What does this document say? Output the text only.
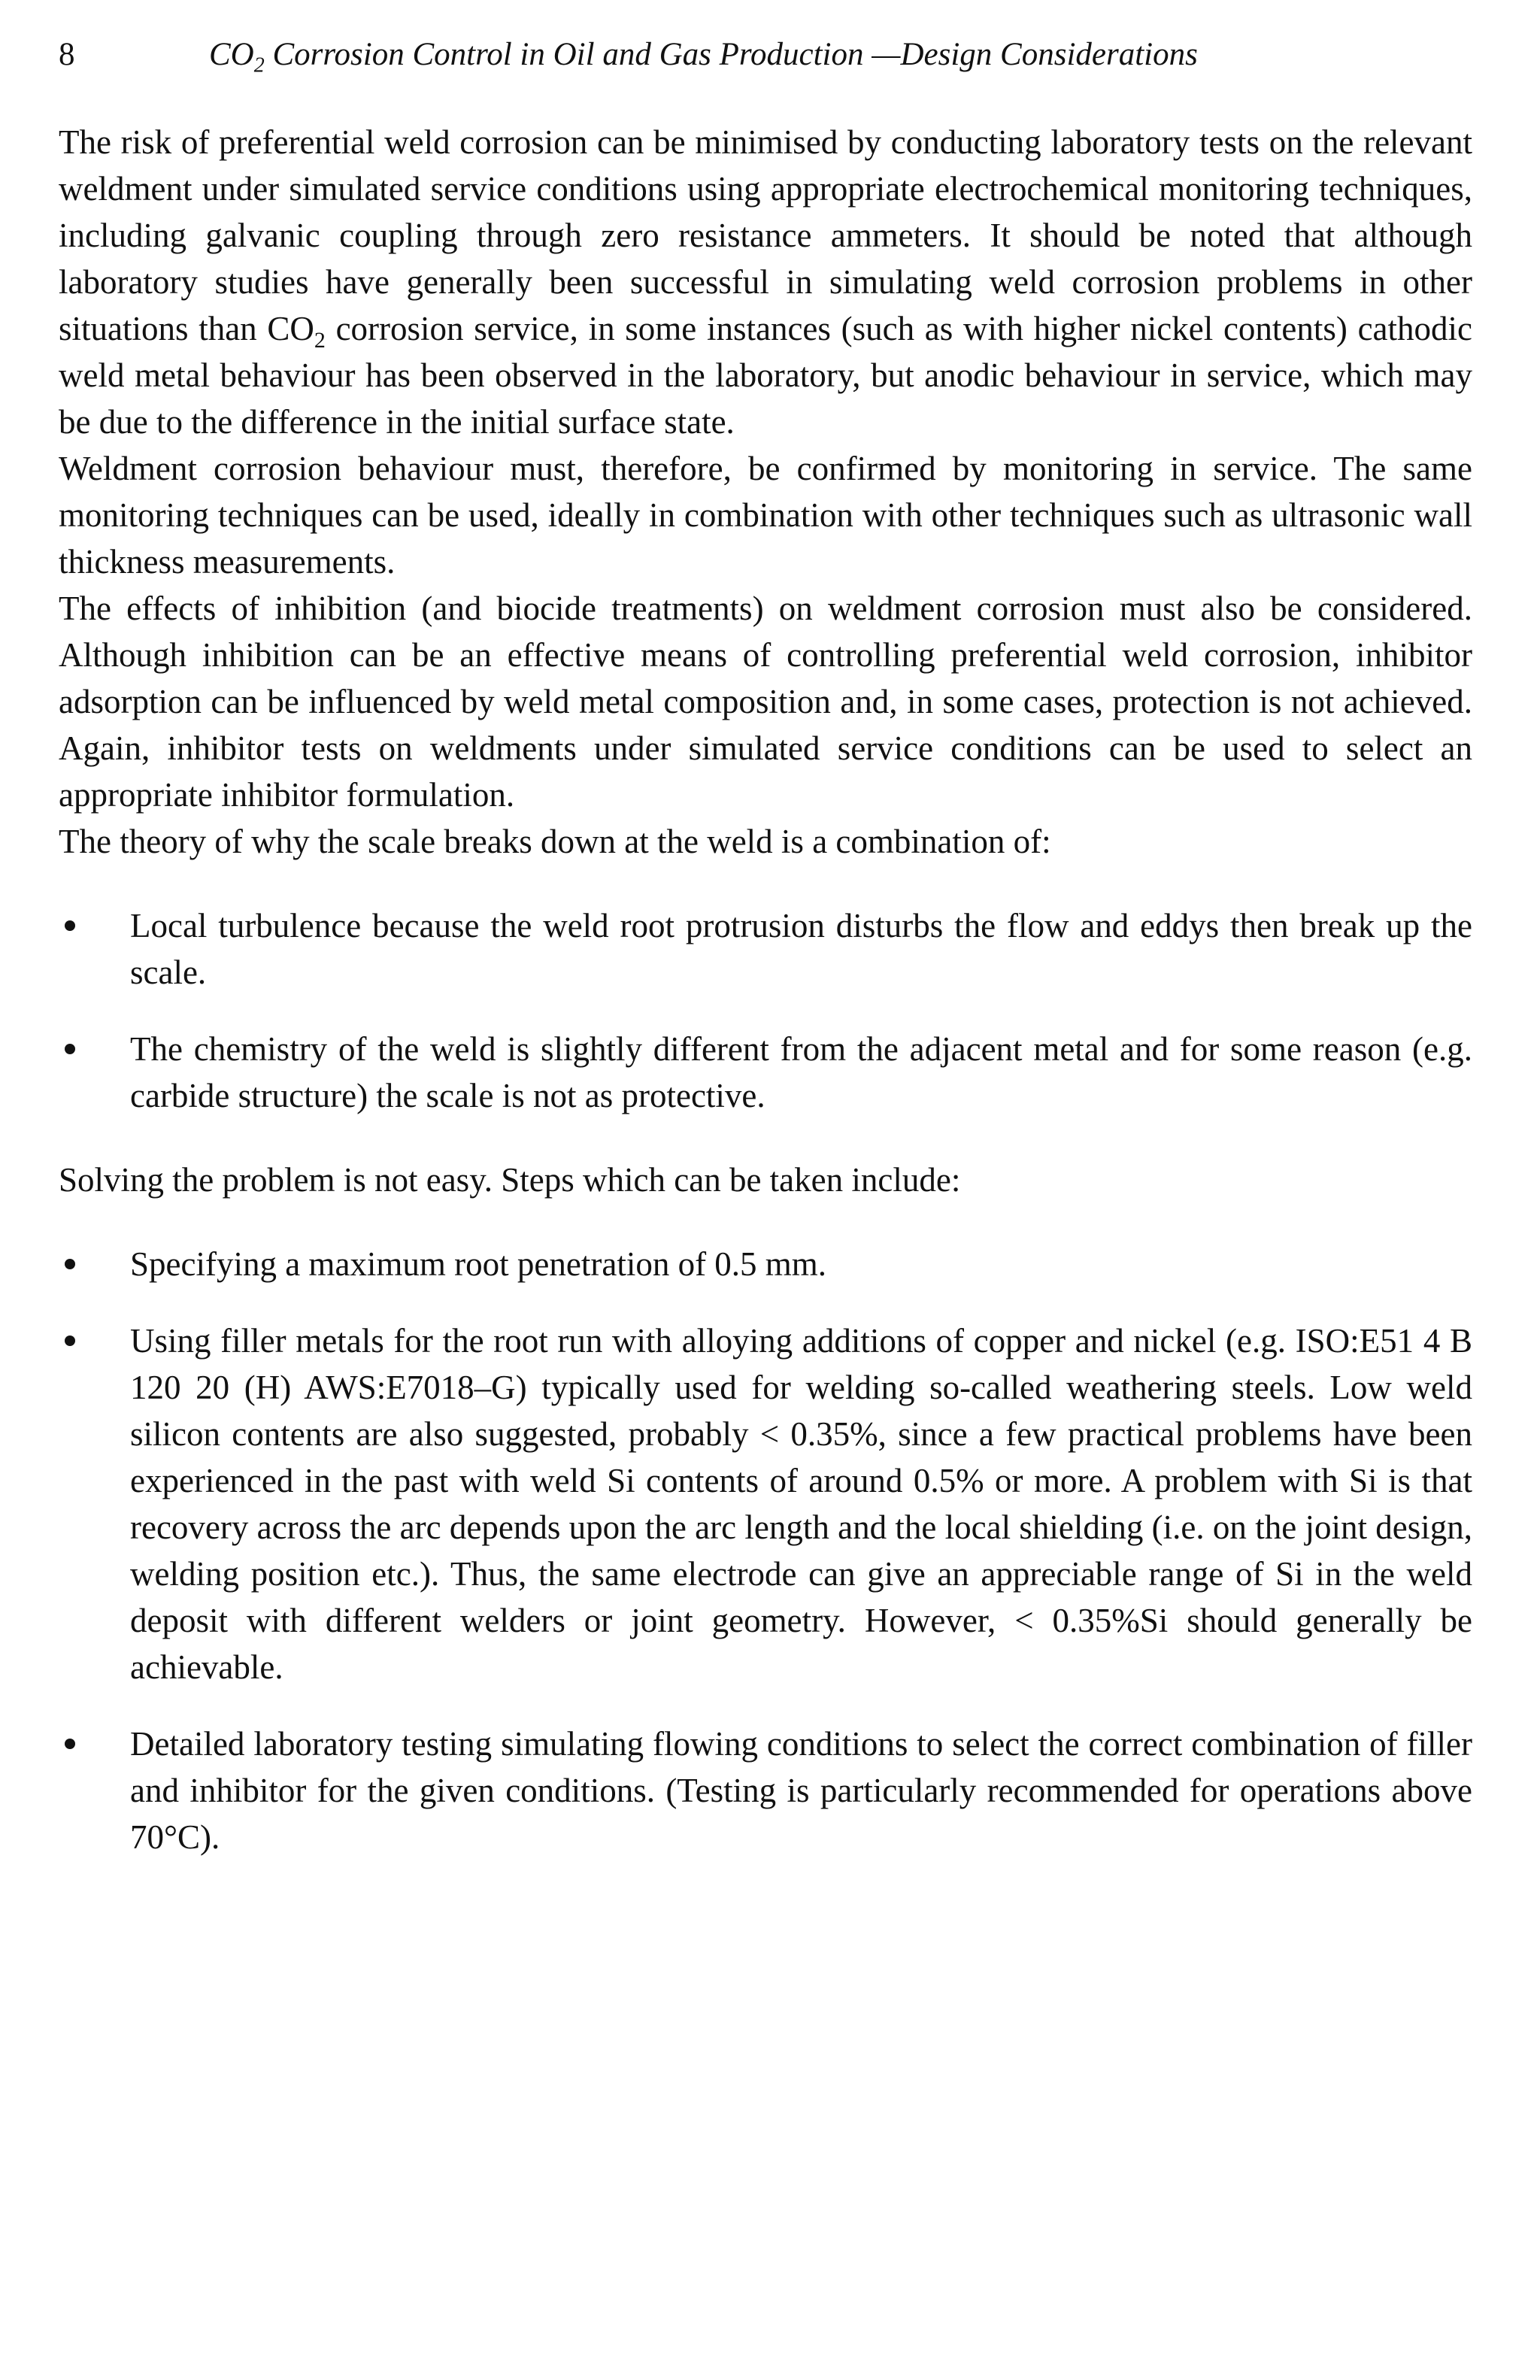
8	$CO_2$ Corrosion Control in Oil and Gas Production —Design Considerations

The risk of preferential weld corrosion can be minimised by conducting laboratory tests on the relevant weldment under simulated service conditions using appropriate electrochemical monitoring techniques, including galvanic coupling through zero resistance ammeters. It should be noted that although laboratory studies have generally been successful in simulating weld corrosion problems in other situations than $CO_2$ corrosion service, in some instances (such as with higher nickel contents) cathodic weld metal behaviour has been observed in the laboratory, but anodic behaviour in service, which may be due to the difference in the initial surface state.

Weldment corrosion behaviour must, therefore, be confirmed by monitoring in service. The same monitoring techniques can be used, ideally in combination with other techniques such as ultrasonic wall thickness measurements.

The effects of inhibition (and biocide treatments) on weldment corrosion must also be considered. Although inhibition can be an effective means of controlling preferential weld corrosion, inhibitor adsorption can be influenced by weld metal composition and, in some cases, protection is not achieved. Again, inhibitor tests on weldments under simulated service conditions can be used to select an appropriate inhibitor formulation.

The theory of why the scale breaks down at the weld is a combination of:

Local turbulence because the weld root protrusion disturbs the flow and eddys then break up the scale.
The chemistry of the weld is slightly different from the adjacent metal and for some reason (e.g. carbide structure) the scale is not as protective.

Solving the problem is not easy. Steps which can be taken include:

Specifying a maximum root penetration of 0.5 mm.
Using filler metals for the root run with alloying additions of copper and nickel (e.g. ISO:E51 4 B 120 20 (H) AWS:E7018–G) typically used for welding so-called weathering steels. Low weld silicon contents are also suggested, probably < 0.35%, since a few practical problems have been experienced in the past with weld Si contents of around 0.5% or more. A problem with Si is that recovery across the arc depends upon the arc length and the local shielding (i.e. on the joint design, welding position etc.). Thus, the same electrode can give an appreciable range of Si in the weld deposit with different welders or joint geometry. However, < 0.35%Si should generally be achievable.
Detailed laboratory testing simulating flowing conditions to select the correct combination of filler and inhibitor for the given conditions. (Testing is particularly recommended for operations above 70°C).
